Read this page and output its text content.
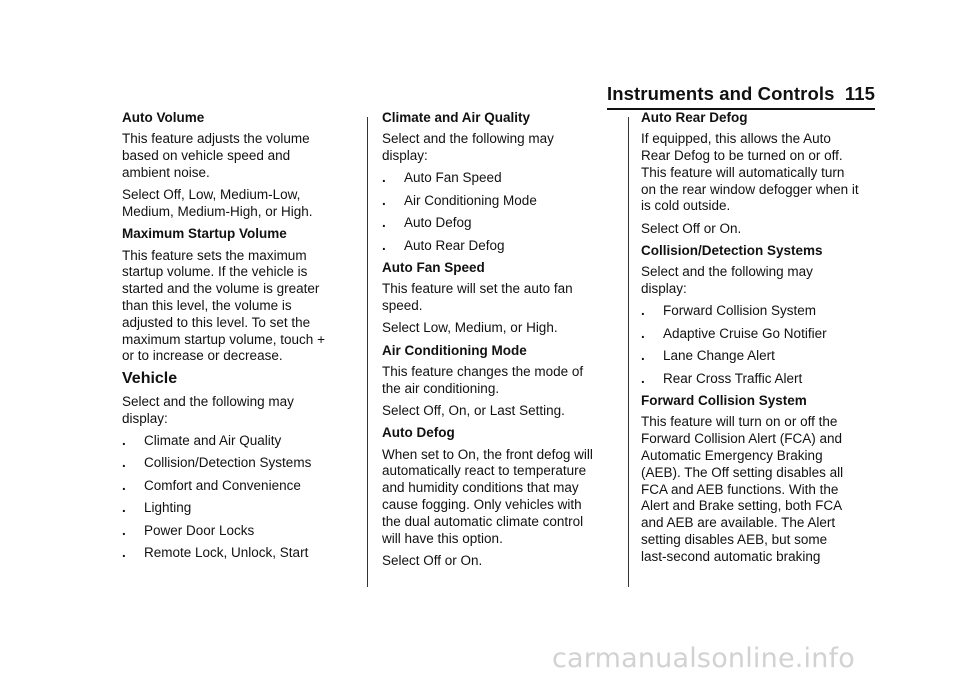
Instruments and Controls 115
Auto Volume
This feature adjusts the volume
based on vehicle speed and
ambient noise.
Select Off, Low, Medium-Low,
Medium, Medium-High, or High.
Maximum Startup Volume
This feature sets the maximum
startup volume. If the vehicle is
started and the volume is greater
than this level, the volume is
adjusted to this level. To set the
maximum startup volume, touch +
or to increase or decrease.
Vehicle
Select and the following may
display:
.	Climate and Air Quality
.	Collision/Detection Systems
.	Comfort and Convenience
.	Lighting
.	Power Door Locks
.	Remote Lock, Unlock, Start
Climate and Air Quality
Select and the following may
display:
.	Auto Fan Speed
.	Air Conditioning Mode
.	Auto Defog
.	Auto Rear Defog
Auto Fan Speed
This feature will set the auto fan
speed.
Select Low, Medium, or High.
Air Conditioning Mode
This feature changes the mode of
the air conditioning.
Select Off, On, or Last Setting.
Auto Defog
When set to On, the front defog will
automatically react to temperature
and humidity conditions that may
cause fogging. Only vehicles with
the dual automatic climate control
will have this option.
Select Off or On.
Auto Rear Defog
If equipped, this allows the Auto
Rear Defog to be turned on or off.
This feature will automatically turn
on the rear window defogger when it
is cold outside.
Select Off or On.
Collision/Detection Systems
Select and the following may
display:
.	Forward Collision System
.	Adaptive Cruise Go Notifier
.	Lane Change Alert
.	Rear Cross Traffic Alert
Forward Collision System
This feature will turn on or off the
Forward Collision Alert (FCA) and
Automatic Emergency Braking
(AEB). The Off setting disables all
FCA and AEB functions. With the
Alert and Brake setting, both FCA
and AEB are available. The Alert
setting disables AEB, but some
last-second automatic braking
carmanualsonline.info
